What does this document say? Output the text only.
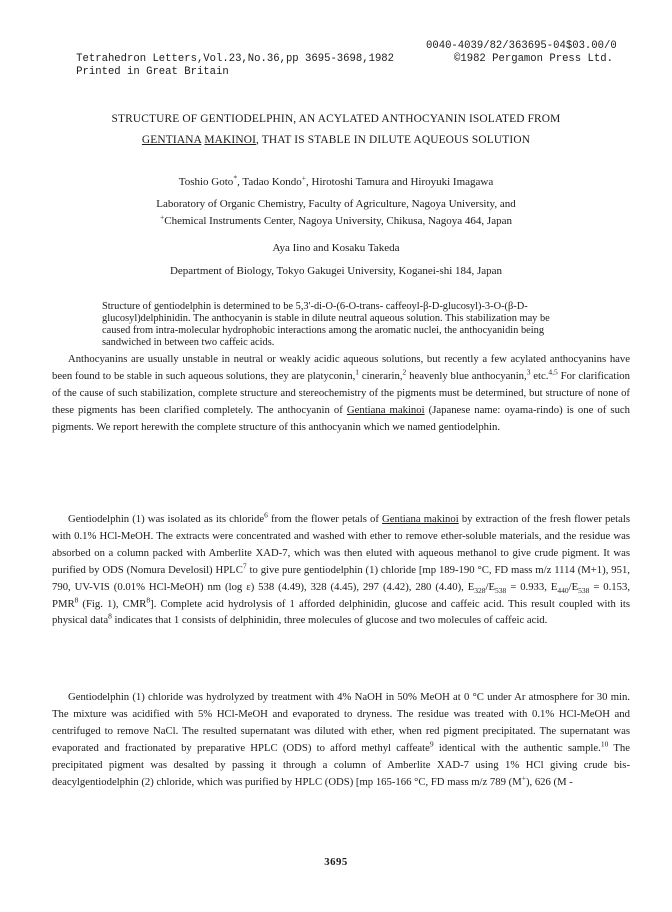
Tetrahedron Letters,Vol.23,No.36,pp 3695-3698,1982

0040-4039/82/363695-04$03.00/0

Printed in Great Britain

©1982 Pergamon Press Ltd.

STRUCTURE OF GENTIODELPHIN, AN ACYLATED ANTHOCYANIN ISOLATED FROM
GENTIANA MAKINOI, THAT IS STABLE IN DILUTE AQUEOUS SOLUTION
Toshio Goto*, Tadao Kondo+, Hirotoshi Tamura and Hiroyuki Imagawa
Laboratory of Organic Chemistry, Faculty of Agriculture, Nagoya University, and
+Chemical Instruments Center, Nagoya University, Chikusa, Nagoya 464, Japan
Aya Iino and Kosaku Takeda
Department of Biology, Tokyo Gakugei University, Koganei-shi 184, Japan
Structure of gentiodelphin is determined to be 5,3'-di-O-(6-O-trans- caffeoyl-β-D-glucosyl)-3-O-(β-D-glucosyl)delphinidin. The anthocyanin is stable in dilute neutral aqueous solution. This stabilization may be caused from intra-molecular hydrophobic interactions among the aromatic nuclei, the anthocyanidin being sandwiched in between two caffeic acids.

Anthocyanins are usually unstable in neutral or weakly acidic aqueous solutions, but recently a few acylated anthocyanins have been found to be stable in such aqueous solutions, they are platyconin,$^1$ cinerarin,$^2$ heavenly blue anthocyanin,$^3$ etc.$^{4,5}$ For clarification of the cause of such stabilization, complete structure and stereochemistry of the pigments must be determined, but structure of none of these pigments has been clarified completely. The anthocyanin of Gentiana makinoi (Japanese name: oyama-rindo) is one of such pigments. We report herewith the complete structure of this anthocyanin which we named gentiodelphin.

Gentiodelphin (1) was isolated as its chloride$^6$ from the flower petals of Gentiana makinoi by extraction of the fresh flower petals with 0.1% HCl-MeOH. The extracts were concentrated and washed with ether to remove ether-soluble materials, and the residue was absorbed on a column packed with Amberlite XAD-7, which was then eluted with aqueous methanol to give crude pigment. It was purified by ODS (Nomura Develosil) HPLC$^7$ to give pure gentiodelphin (1) chloride [mp 189-190 °C, FD mass m/z 1114 (M+1), 951, 790, UV-VIS (0.01% HCl-MeOH) nm (log ε) 538 (4.49), 328 (4.45), 297 (4.42), 280 (4.40), $E_{328}/E_{538} = 0.933$, $E_{440}/E_{538} = 0.153$, PMR$^8$ (Fig. 1), CMR$^8$]. Complete acid hydrolysis of 1 afforded delphinidin, glucose and caffeic acid. This result coupled with its physical data$^8$ indicates that 1 consists of delphinidin, three molecules of glucose and two molecules of caffeic acid.

Gentiodelphin (1) chloride was hydrolyzed by treatment with 4% NaOH in 50% MeOH at 0 °C under Ar atmosphere for 30 min. The mixture was acidified with 5% HCl-MeOH and evaporated to dryness. The residue was treated with 0.1% HCl-MeOH and centrifuged to remove NaCl. The resulted supernatant was diluted with ether, when red pigment precipitated. The supernatant was evaporated and fractionated by preparative HPLC (ODS) to afford methyl caffeate$^9$ identical with the authentic sample.$^{10}$ The precipitated pigment was desalted by passing it through a column of Amberlite XAD-7 using 1% HCl giving crude bis-deacylgentiodelphin (2) chloride, which was purified by HPLC (ODS) [mp 165-166 °C, FD mass m/z 789 (M+), 626 (M -

3695
